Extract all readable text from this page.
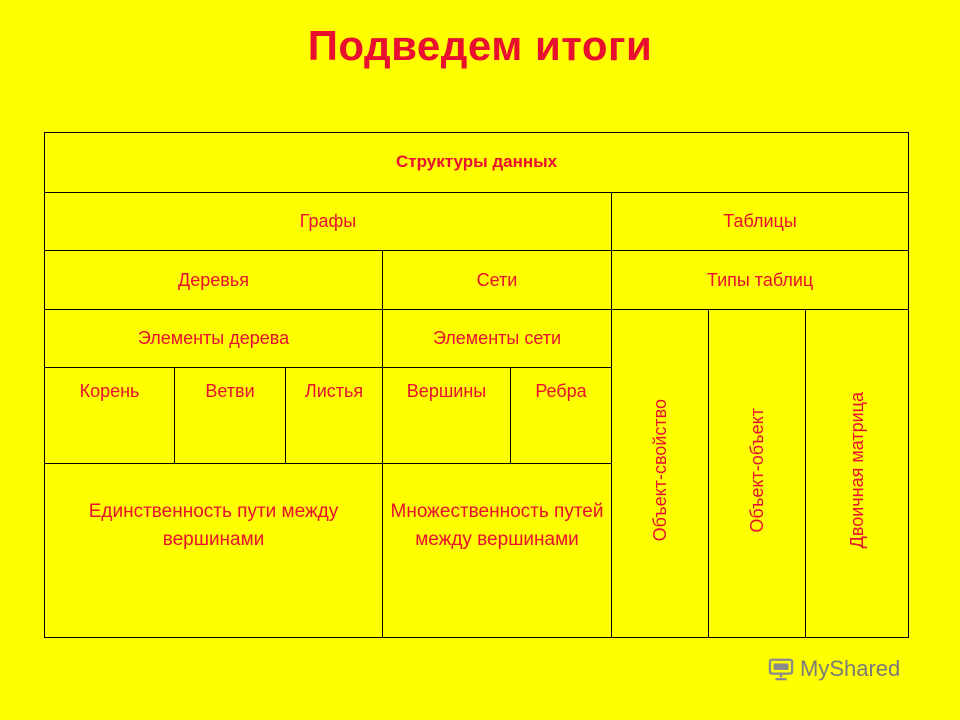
Подведем итоги
Структуры данных							
Графы					Таблицы		
Деревья			Сети		Типы таблиц		
Элементы дерева			Элементы сети		Объект-свойство	Объект-объект	Двоичная матрица
Корень	Ветви	Листья	Вершины	Ребра			

Единственность пути между вершинами			Множественность путей между вершинами				
MyShared
